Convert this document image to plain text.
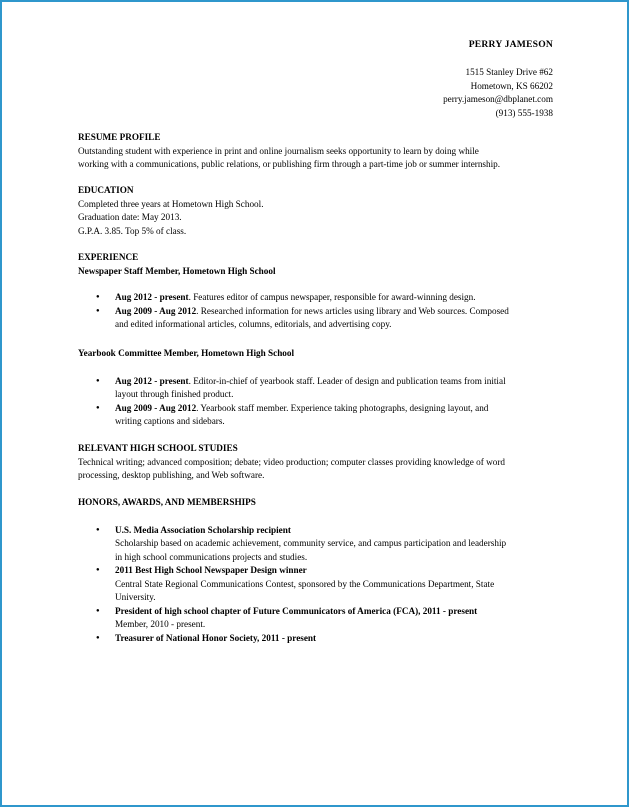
PERRY JAMESON
1515 Stanley Drive #62
Hometown, KS 66202
perry.jameson@dbplanet.com
(913) 555-1938
RESUME PROFILE
Outstanding student with experience in print and online journalism seeks opportunity to learn by doing while
working with a communications, public relations, or publishing firm through a part-time job or summer internship.
EDUCATION
Completed three years at Hometown High School.
Graduation date: May 2013.
G.P.A. 3.85. Top 5% of class.
EXPERIENCE
Newspaper Staff Member, Hometown High School
● Aug 2012 - present. Features editor of campus newspaper, responsible for award-winning design.
● Aug 2009 - Aug 2012. Researched information for news articles using library and Web sources. Composed
and edited informational articles, columns, editorials, and advertising copy.
Yearbook Committee Member, Hometown High School
● Aug 2012 - present. Editor-in-chief of yearbook staff. Leader of design and publication teams from initial
layout through finished product.
● Aug 2009 - Aug 2012. Yearbook staff member. Experience taking photographs, designing layout, and
writing captions and sidebars.
RELEVANT HIGH SCHOOL STUDIES
Technical writing; advanced composition; debate; video production; computer classes providing knowledge of word
processing, desktop publishing, and Web software.
HONORS, AWARDS, AND MEMBERSHIPS
● U.S. Media Association Scholarship recipient
Scholarship based on academic achievement, community service, and campus participation and leadership
in high school communications projects and studies.
● 2011 Best High School Newspaper Design winner
Central State Regional Communications Contest, sponsored by the Communications Department, State
University.
● President of high school chapter of Future Communicators of America (FCA), 2011 - present
Member, 2010 - present.
● Treasurer of National Honor Society, 2011 - present
